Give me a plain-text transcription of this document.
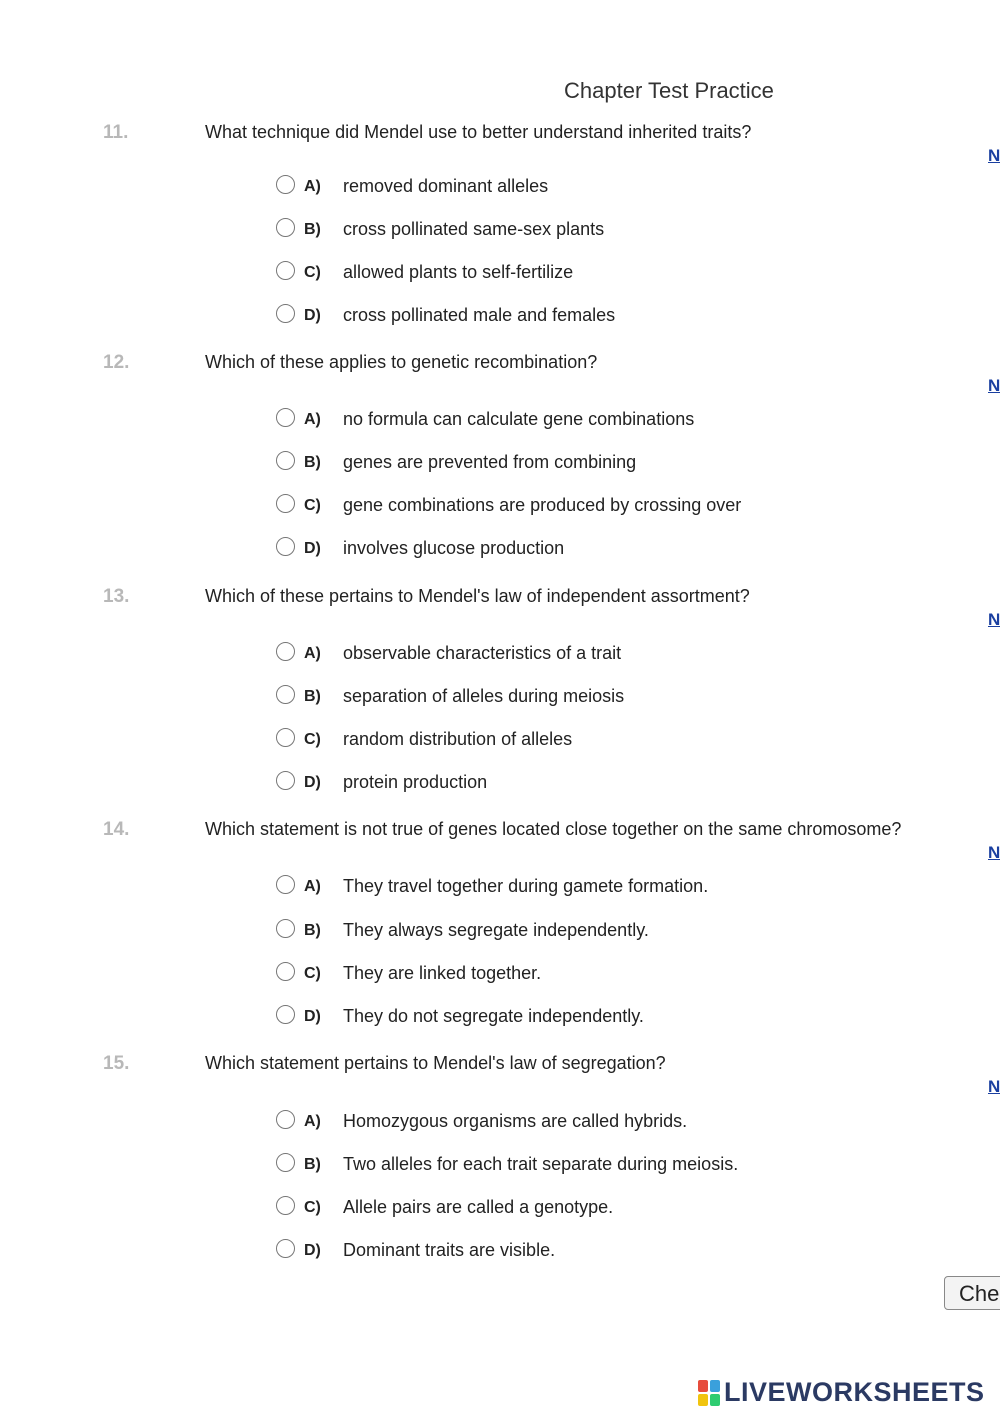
Chapter Test Practice
11.	What technique did Mendel use to better understand inherited traits?
N
A) removed dominant alleles
B) cross pollinated same-sex plants
C) allowed plants to self-fertilize
D) cross pollinated male and females
12.	Which of these applies to genetic recombination?
N
A) no formula can calculate gene combinations
B) genes are prevented from combining
C) gene combinations are produced by crossing over
D) involves glucose production
13.	Which of these pertains to Mendel's law of independent assortment?
N
A) observable characteristics of a trait
B) separation of alleles during meiosis
C) random distribution of alleles
D) protein production
14.	Which statement is not true of genes located close together on the same chromosome?
N
A) They travel together during gamete formation.
B) They always segregate independently.
C) They are linked together.
D) They do not segregate independently.
15.	Which statement pertains to Mendel's law of segregation?
N
A) Homozygous organisms are called hybrids.
B) Two alleles for each trait separate during meiosis.
C) Allele pairs are called a genotype.
D) Dominant traits are visible.
Che
LIVEWORKSHEETS
